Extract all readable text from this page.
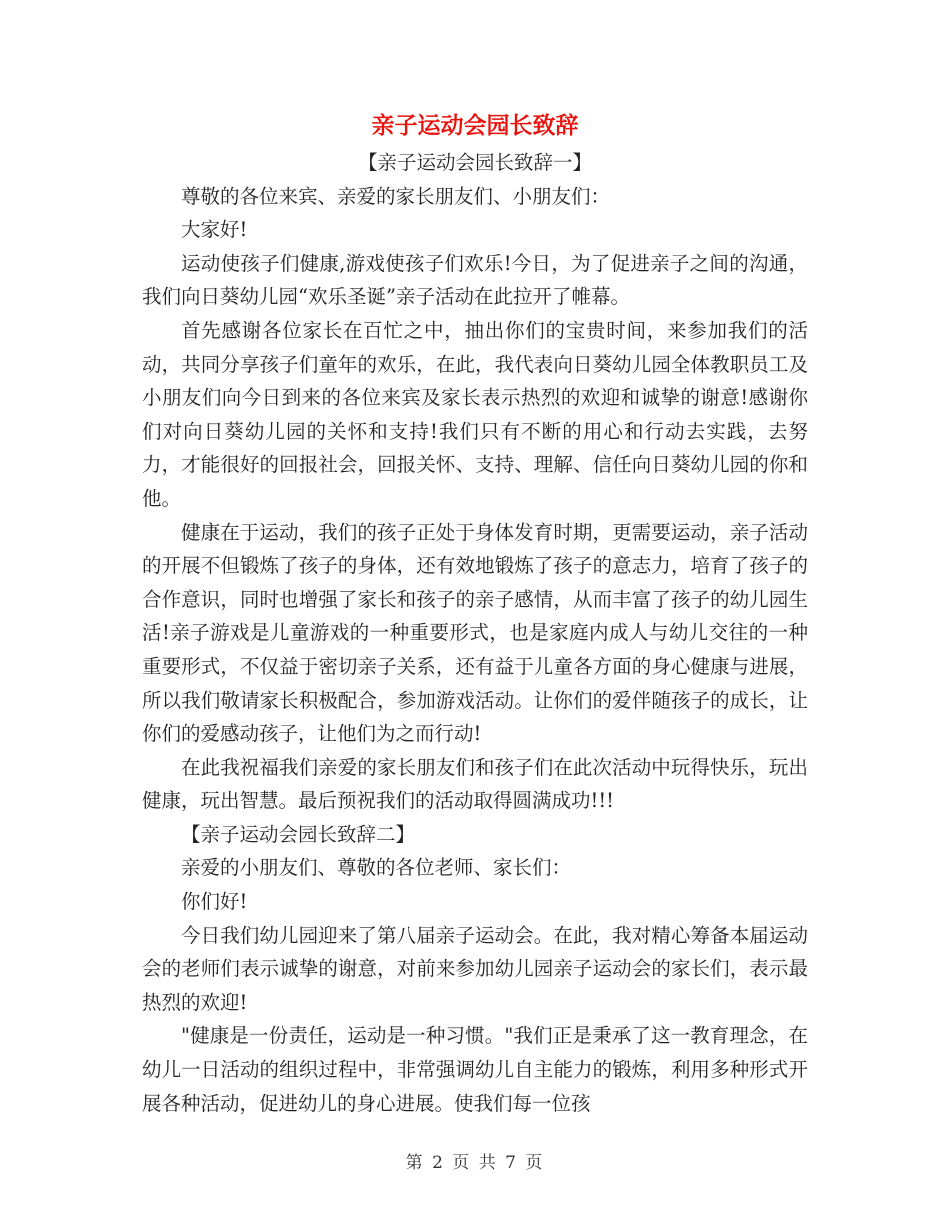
亲子运动会园长致辞

【亲子运动会园长致辞一】

尊敬的各位来宾、亲爱的家长朋友们、小朋友们：

大家好!

运动使孩子们健康,游戏使孩子们欢乐!今日，为了促进亲子之间的沟通，我们向日葵幼儿园“欢乐圣诞”亲子活动在此拉开了帷幕。

首先感谢各位家长在百忙之中，抽出你们的宝贵时间，来参加我们的活动，共同分享孩子们童年的欢乐，在此，我代表向日葵幼儿园全体教职员工及小朋友们向今日到来的各位来宾及家长表示热烈的欢迎和诚挚的谢意!感谢你们对向日葵幼儿园的关怀和支持!我们只有不断的用心和行动去实践，去努力，才能很好的回报社会，回报关怀、支持、理解、信任向日葵幼儿园的你和他。

健康在于运动，我们的孩子正处于身体发育时期，更需要运动，亲子活动的开展不但锻炼了孩子的身体，还有效地锻炼了孩子的意志力，培育了孩子的合作意识，同时也增强了家长和孩子的亲子感情，从而丰富了孩子的幼儿园生活!亲子游戏是儿童游戏的一种重要形式，也是家庭内成人与幼儿交往的一种重要形式，不仅益于密切亲子关系，还有益于儿童各方面的身心健康与进展，所以我们敬请家长积极配合，参加游戏活动。让你们的爱伴随孩子的成长，让你们的爱感动孩子，让他们为之而行动!

在此我祝福我们亲爱的家长朋友们和孩子们在此次活动中玩得快乐，玩出健康，玩出智慧。最后预祝我们的活动取得圆满成功!!!

【亲子运动会园长致辞二】

亲爱的小朋友们、尊敬的各位老师、家长们：

你们好!

今日我们幼儿园迎来了第八届亲子运动会。在此，我对精心筹备本届运动会的老师们表示诚挚的谢意，对前来参加幼儿园亲子运动会的家长们，表示最热烈的欢迎!

"健康是一份责任，运动是一种习惯。"我们正是秉承了这一教育理念，在幼儿一日活动的组织过程中，非常强调幼儿自主能力的锻炼，利用多种形式开展各种活动，促进幼儿的身心进展。使我们每一位孩

第 2 页 共 7 页
